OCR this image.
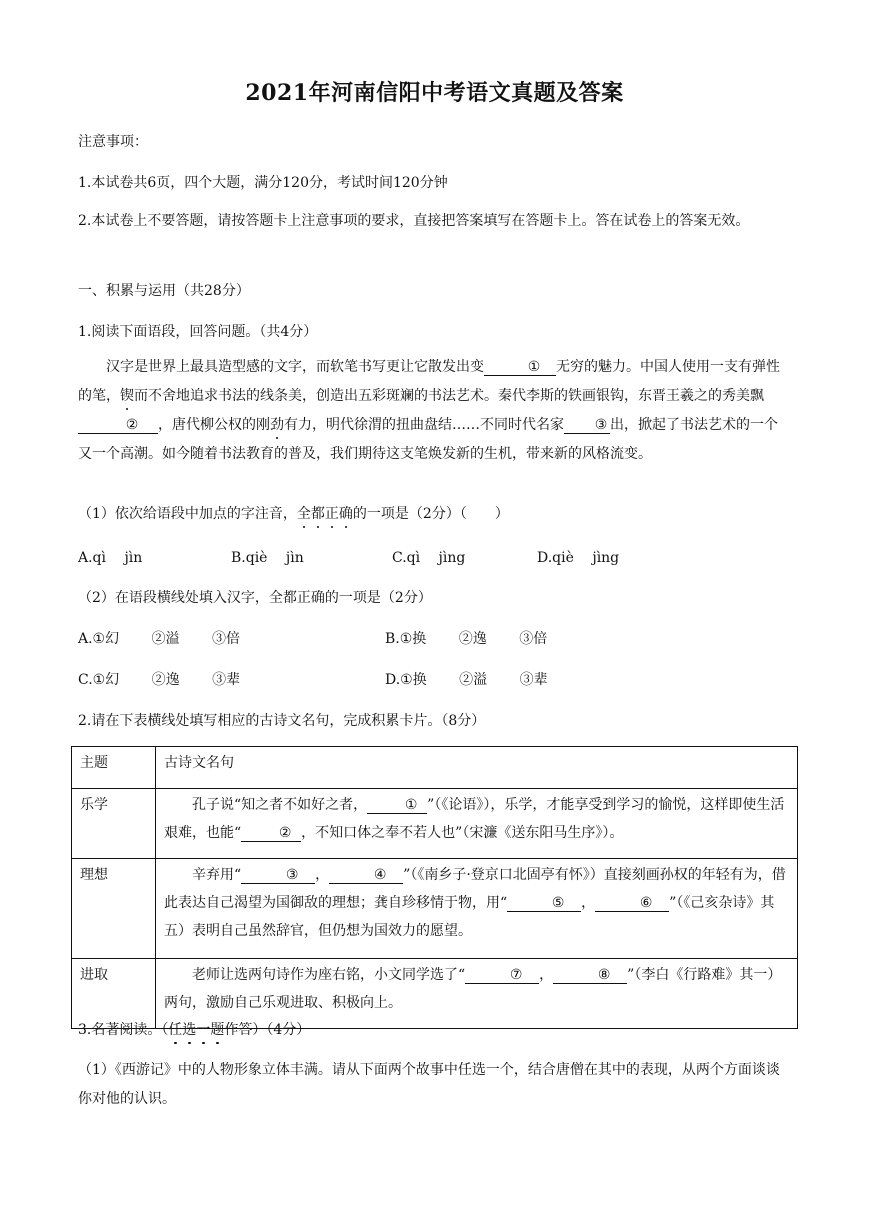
2021年河南信阳中考语文真题及答案
注意事项：
1.本试卷共6页，四个大题，满分120分，考试时间120分钟
2.本试卷上不要答题，请按答题卡上注意事项的要求，直接把答案填写在答题卡上。答在试卷上的答案无效。
一、积累与运用（共28分）
1.阅读下面语段，回答问题。（共4分）
汉字是世界上最具造型感的文字，而软笔书写更让它散发出变	① 无穷的魅力。中国人使用一支有弹性的笔，锲而不舍地追求书法的线条美，创造出五彩斑斓的书法艺术。秦代李斯的铁画银钩，东晋王羲之的秀美飘② ，唐代柳公权的刚劲有力，明代徐渭的扭曲盘结……不同时代名家 ③ 出，掀起了书法艺术的一个又一个高潮。如今随着书法教育的普及，我们期待这支笔焕发新的生机，带来新的风格流变。
（1）依次给语段中加点的字注音，全都正确的一项是（2分）（　　）
A.qì　 jìn	B.qiè　 jìn	C.qì　 jìng	D.qiè　 jìng
（2）在语段横线处填入汉字，全都正确的一项是（2分）
A.①幻　　 ②溢　　 ③倍	B.①换　　 ②逸　　 ③倍
C.①幻　　 ②逸　　 ③辈	D.①换　　 ②溢　　 ③辈
2.请在下表横线处填写相应的古诗文名句，完成积累卡片。（8分）
主题	古诗文名句
乐学	孔子说“知之者不如好之者， ① ”（《论语》），乐学，才能享受到学习的愉悦，这样即使生活艰难，也能“ ② ，不知口体之奉不若人也”（宋濂《送东阳马生序》）。

理想	辛弃用“ ③ ， ④ ”（《南乡子·登京口北固亭有怀》）直接刻画孙权的年轻有为，借此表达自己渴望为国御敌的理想；龚自珍移情于物，用“ ⑤ ， ⑥ ”（《己亥杂诗》其五）表明自己虽然辞官，但仍想为国效力的愿望。

进取	老师让选两句诗作为座右铭，小文同学选了“ ⑦ ， ⑧ ”（李白《行路难》其一）两句，激励自己乐观进取、积极向上。
3.名著阅读。（任选一题作答）（4分）
（1）《西游记》中的人物形象立体丰满。请从下面两个故事中任选一个，结合唐僧在其中的表现，从两个方面谈谈你对他的认识。
